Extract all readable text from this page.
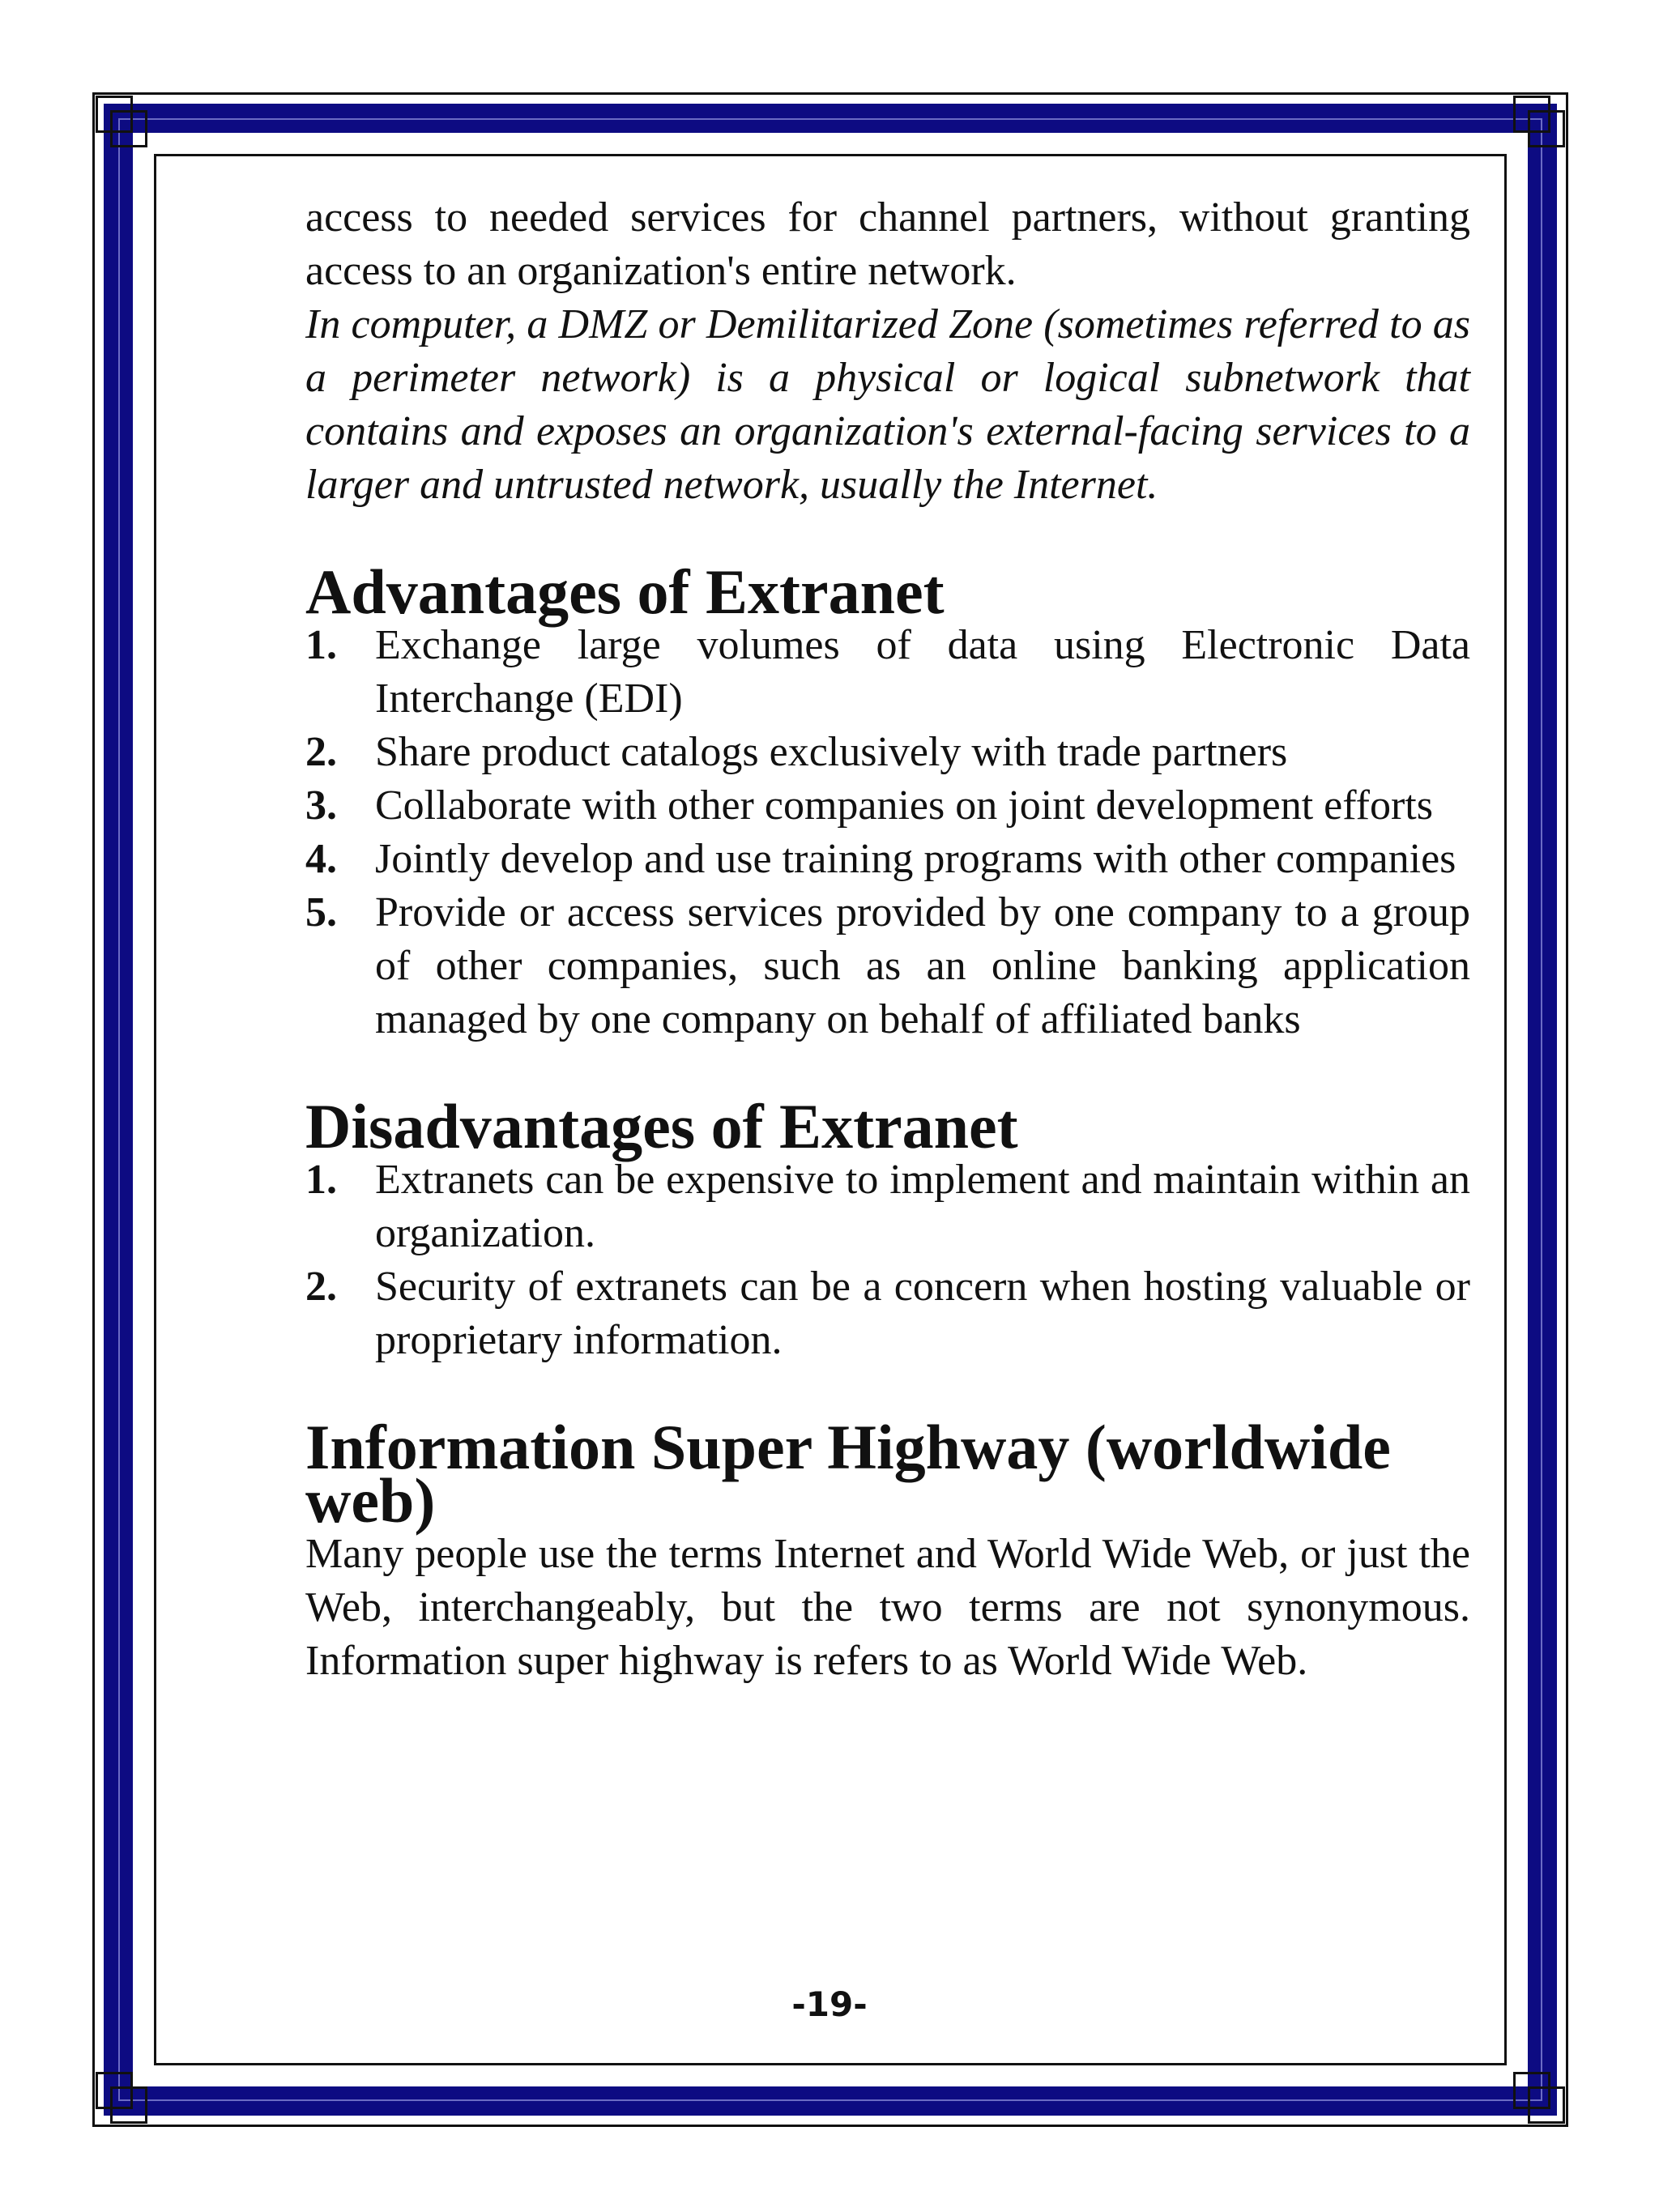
access to needed services for channel partners, without granting access to an organization's entire network.

In computer, a DMZ or Demilitarized Zone (sometimes referred to as a perimeter network) is a physical or logical subnetwork that contains and exposes an organization's external-facing services to a larger and untrusted network, usually the Internet.

Advantages of Extranet
1. Exchange large volumes of data using Electronic Data Interchange (EDI)
2. Share product catalogs exclusively with trade partners
3. Collaborate with other companies on joint development efforts
4. Jointly develop and use training programs with other companies
5. Provide or access services provided by one company to a group of other companies, such as an online banking application managed by one company on behalf of affiliated banks
Disadvantages of Extranet
1. Extranets can be expensive to implement and maintain within an organization.
2. Security of extranets can be a concern when hosting valuable or proprietary information.
Information Super Highway (worldwide web)

Many people use the terms Internet and World Wide Web, or just the Web, interchangeably, but the two terms are not synonymous. Information super highway is refers to as World Wide Web.

-19-
